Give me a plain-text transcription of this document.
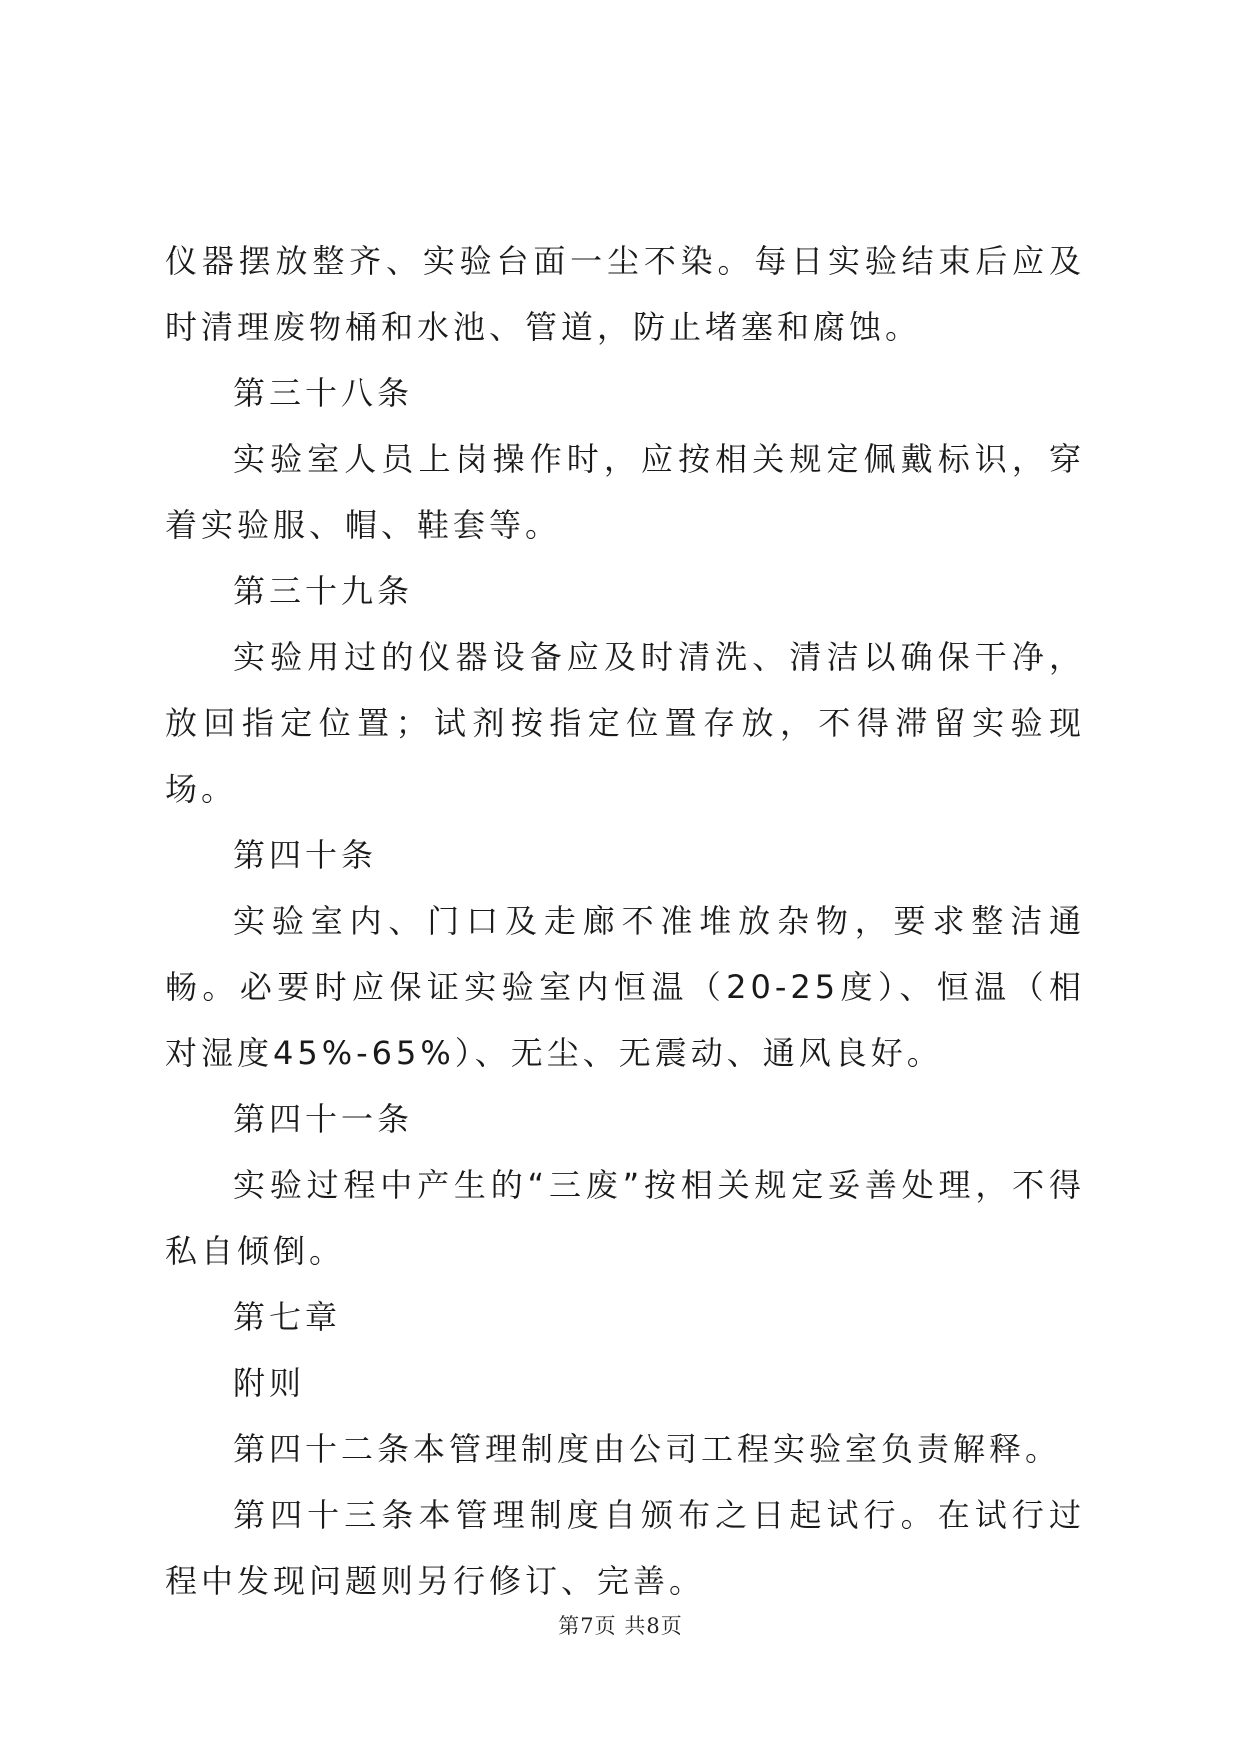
仪器摆放整齐、实验台面一尘不染。每日实验结束后应及时清理废物桶和水池、管道，防止堵塞和腐蚀。

第三十八条

实验室人员上岗操作时，应按相关规定佩戴标识，穿着实验服、帽、鞋套等。

第三十九条

实验用过的仪器设备应及时清洗、清洁以确保干净，放回指定位置；试剂按指定位置存放，不得滞留实验现场。

第四十条

实验室内、门口及走廊不准堆放杂物，要求整洁通畅。必要时应保证实验室内恒温（20-25度）、恒温（相对湿度45%-65%）、无尘、无震动、通风良好。

第四十一条

实验过程中产生的“三废”按相关规定妥善处理，不得私自倾倒。

第七章

附则

第四十二条本管理制度由公司工程实验室负责解释。

第四十三条本管理制度自颁布之日起试行。在试行过程中发现问题则另行修订、完善。

第7页 共8页
